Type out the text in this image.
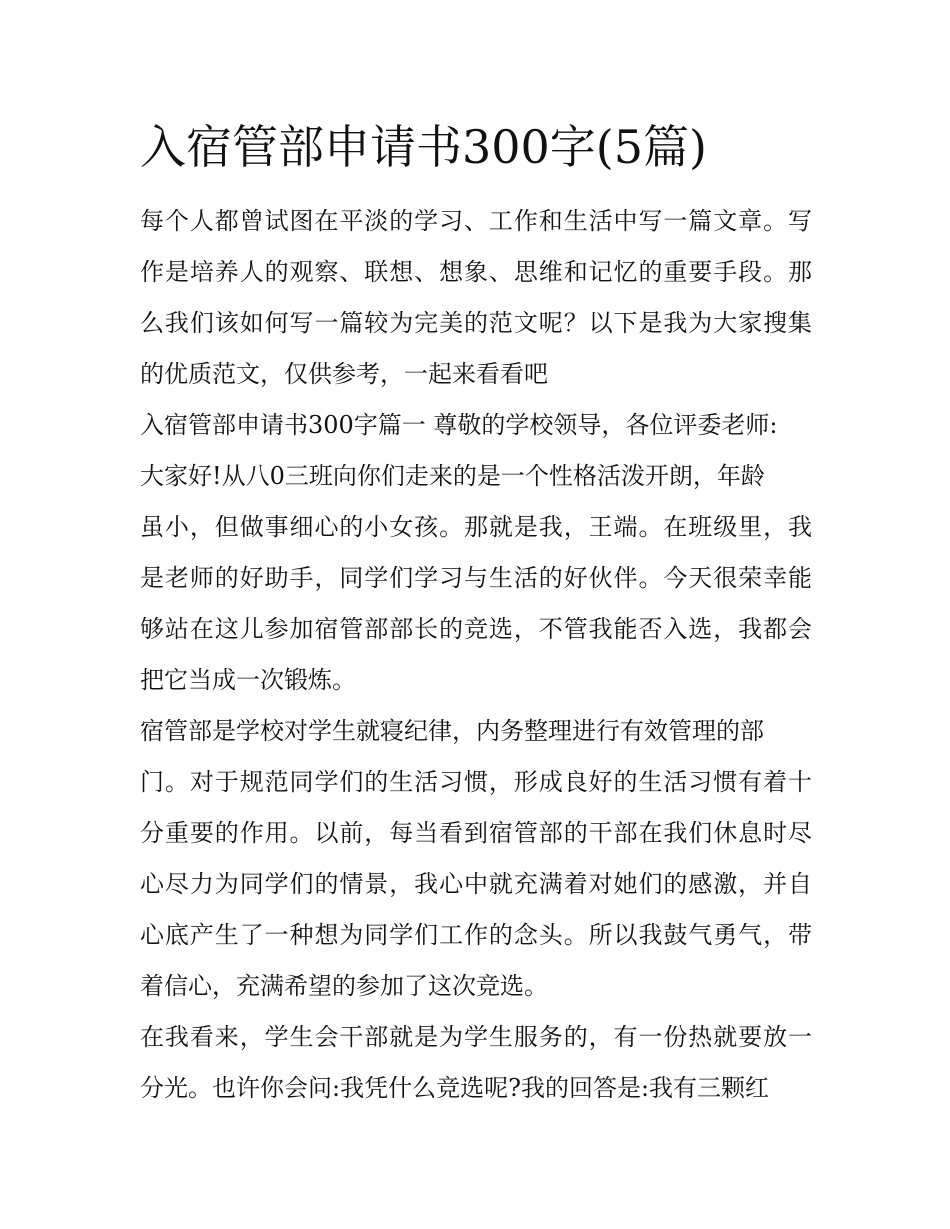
入宿管部申请书300字(5篇)
每个人都曾试图在平淡的学习、工作和生活中写一篇文章。写
作是培养人的观察、联想、想象、思维和记忆的重要手段。那
么我们该如何写一篇较为完美的范文呢？以下是我为大家搜集
的优质范文，仅供参考，一起来看看吧
入宿管部申请书300字篇一 尊敬的学校领导，各位评委老师:
大家好!从八0三班向你们走来的是一个性格活泼开朗，年龄
虽小，但做事细心的小女孩。那就是我，王端。在班级里，我
是老师的好助手，同学们学习与生活的好伙伴。今天很荣幸能
够站在这儿参加宿管部部长的竞选，不管我能否入选，我都会
把它当成一次锻炼。
宿管部是学校对学生就寝纪律，内务整理进行有效管理的部
门。对于规范同学们的生活习惯，形成良好的生活习惯有着十
分重要的作用。以前，每当看到宿管部的干部在我们休息时尽
心尽力为同学们的情景，我心中就充满着对她们的感激，并自
心底产生了一种想为同学们工作的念头。所以我鼓气勇气，带
着信心，充满希望的参加了这次竞选。
在我看来，学生会干部就是为学生服务的，有一份热就要放一
分光。也许你会问:我凭什么竞选呢?我的回答是:我有三颗红
